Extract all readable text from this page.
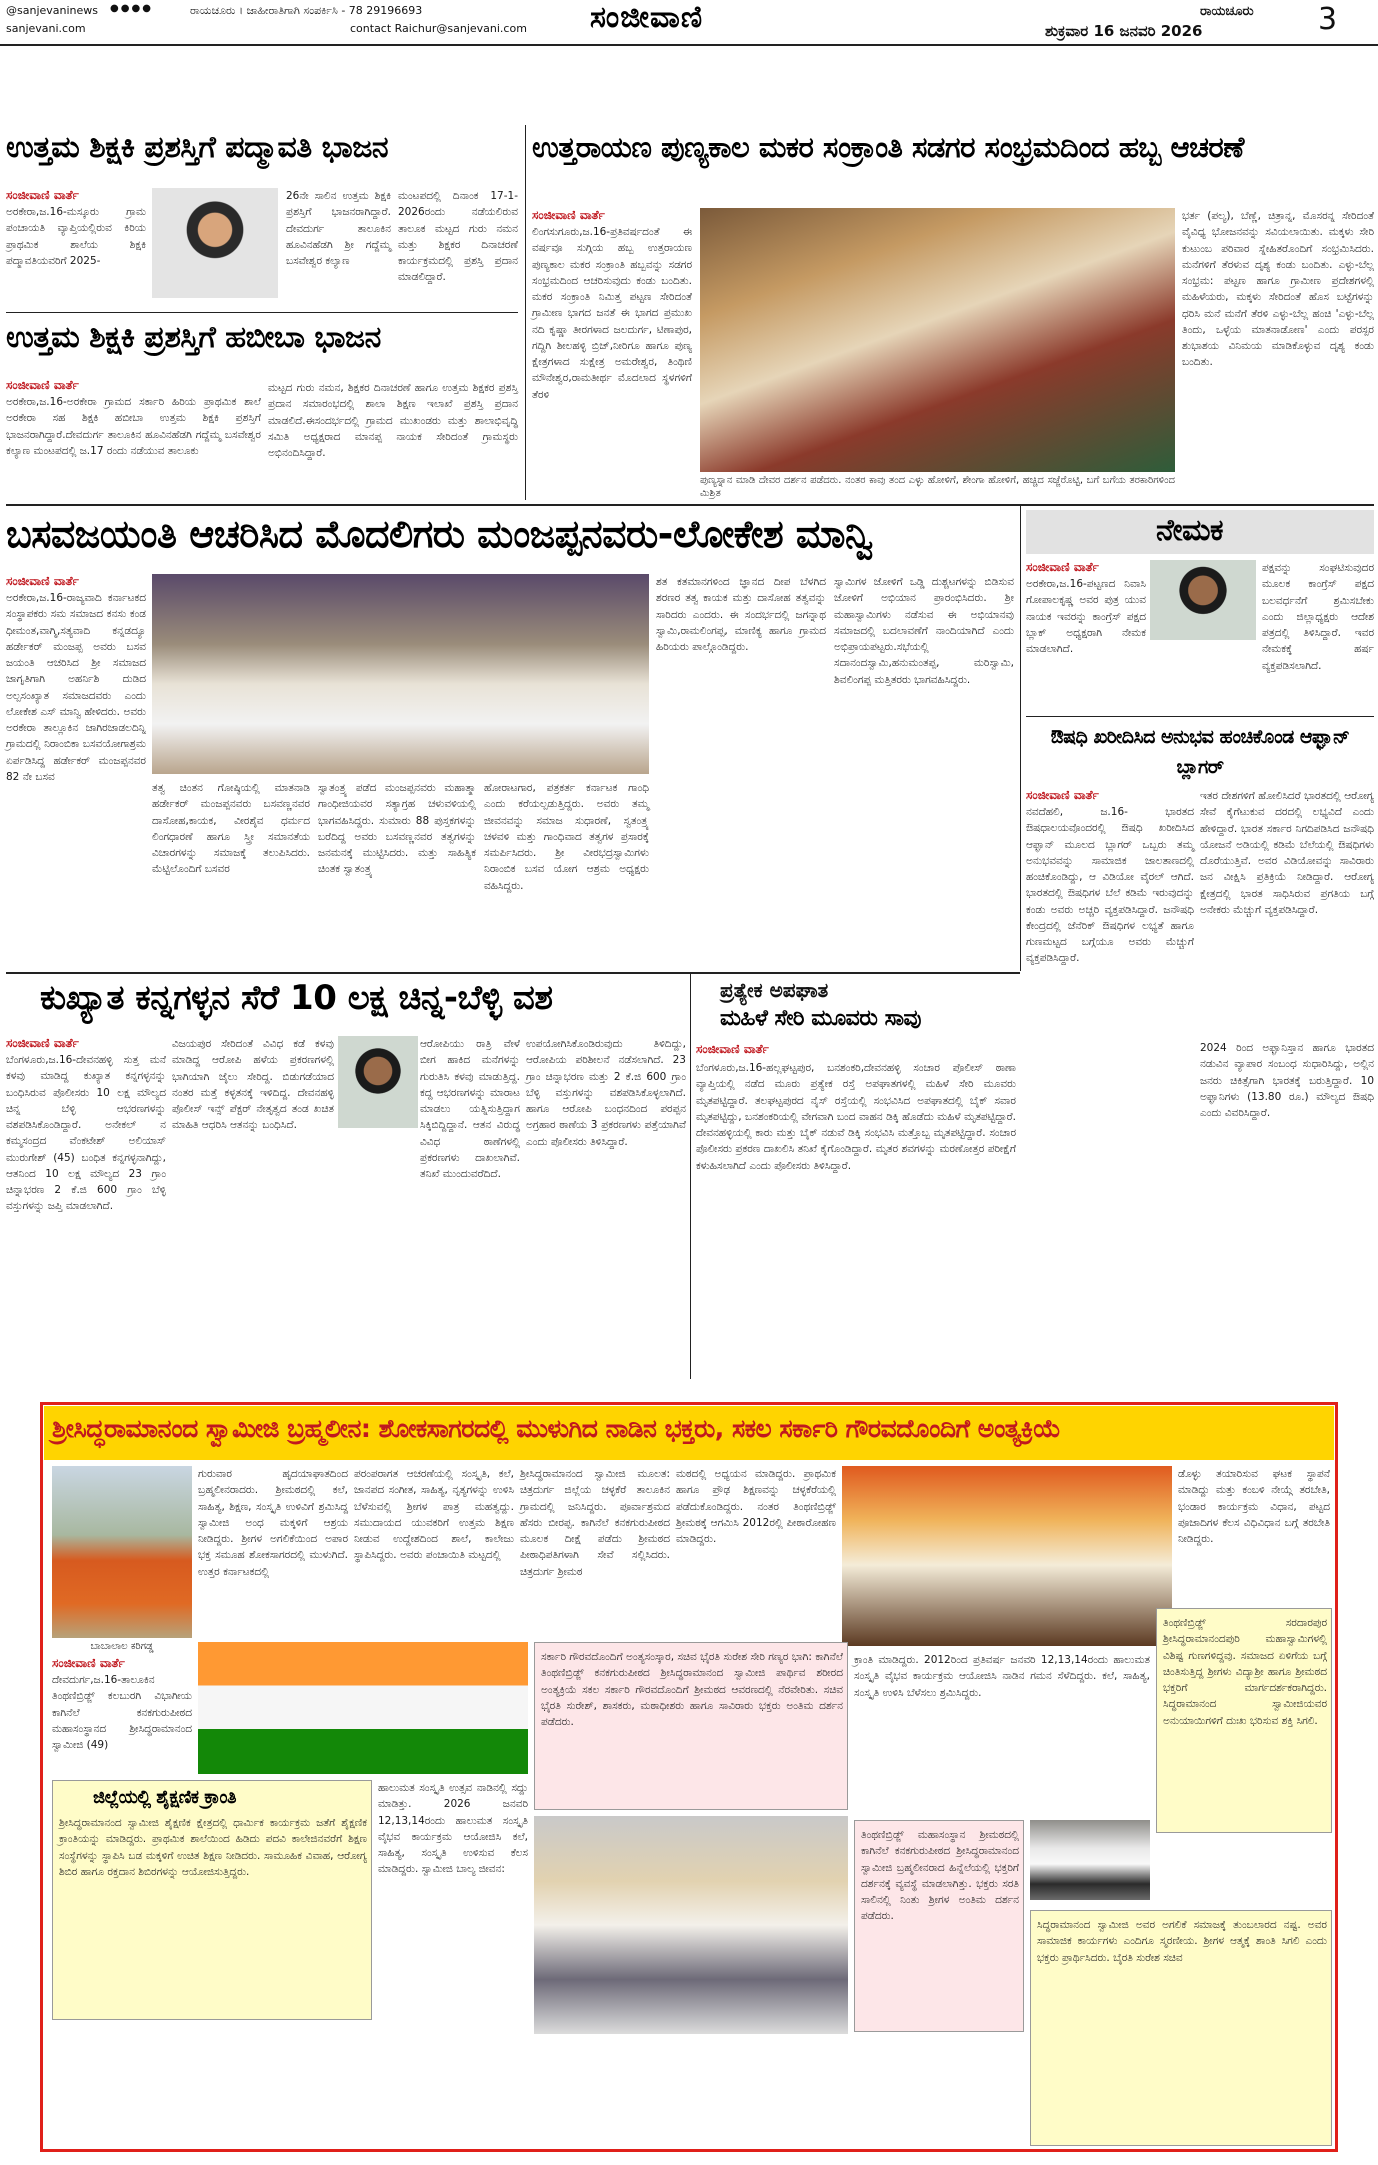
@sanjevaninews ●●●●
sanjevani.com
ರಾಯಚೂರು । ಜಾಹೀರಾತಿಗಾಗಿ ಸಂಪರ್ಕಿಸಿ - 78 29196693
contact Raichur@sanjevani.com ಸಂಜೀವಾಣಿ	ರಾಯಚೂರು
ಶುಕ್ರವಾರ 16 ಜನವರಿ 2026	3
ಉತ್ತಮ ಶಿಕ್ಷಕಿ ಪ್ರಶಸ್ತಿಗೆ ಪದ್ಮಾವತಿ ಭಾಜನ
ಸಂಜೀವಾಣಿ ವಾರ್ತೆ
ಅರಕೇರಾ,ಜ.16-ಮಸ್ಕೂರು ಗ್ರಾಮ ಪಂಚಾಯತಿ ವ್ಯಾಪ್ತಿಯಲ್ಲಿರುವ ಕಿರಿಯ ಪ್ರಾಥಮಿಕ ಶಾಲೆಯ ಶಿಕ್ಷಕಿ ಪದ್ಮಾವತಿಯವರಿಗೆ 2025-
26ನೇ ಸಾಲಿನ ಉತ್ತಮ ಶಿಕ್ಷಕಿ ಪ್ರಶಸ್ತಿಗೆ ಭಾಜನರಾಗಿದ್ದಾರೆ. ದೇವದುರ್ಗ ತಾಲೂಕಿನ ಹೂವಿನಹೆಡಗಿ ಶ್ರೀ ಗದ್ದೆಮ್ಮ ಬಸವೇಶ್ವರ ಕಲ್ಯಾಣ
ಮಂಟಪದಲ್ಲಿ ದಿನಾಂಕ 17-1-2026ರಂದು ನಡೆಯಲಿರುವ ತಾಲೂಕ ಮಟ್ಟದ ಗುರು ನಮನ ಮತ್ತು ಶಿಕ್ಷಕರ ದಿನಾಚರಣೆ ಕಾರ್ಯಕ್ರಮದಲ್ಲಿ ಪ್ರಶಸ್ತಿ ಪ್ರದಾನ ಮಾಡಲಿದ್ದಾರೆ.
ಉತ್ತಮ ಶಿಕ್ಷಕಿ ಪ್ರಶಸ್ತಿಗೆ ಹಬೀಬಾ ಭಾಜನ
ಸಂಜೀವಾಣಿ ವಾರ್ತೆ
ಅರಕೇರಾ,ಜ.16-ಅರಕೇರಾ ಗ್ರಾಮದ ಸರ್ಕಾರಿ ಹಿರಿಯ ಪ್ರಾಥಮಿಕ ಶಾಲೆ ಅರಕೇರಾ ಸಹ ಶಿಕ್ಷಕಿ ಹಬೀಬಾ ಉತ್ತಮ ಶಿಕ್ಷಕಿ ಪ್ರಶಸ್ತಿಗೆ ಭಾಜನರಾಗಿದ್ದಾರೆ.ದೇವದುರ್ಗ ತಾಲೂಕಿನ ಹೂವಿನಹೆಡಗಿ ಗದ್ದೆಮ್ಮ ಬಸವೇಶ್ವರ ಕಲ್ಯಾಣ ಮಂಟಪದಲ್ಲಿ ಜ.17 ರಂದು ನಡೆಯುವ ತಾಲೂಕು
ಮಟ್ಟದ ಗುರು ನಮನ, ಶಿಕ್ಷಕರ ದಿನಾಚರಣೆ ಹಾಗೂ ಉತ್ತಮ ಶಿಕ್ಷಕರ ಪ್ರಶಸ್ತಿ ಪ್ರದಾನ ಸಮಾರಂಭದಲ್ಲಿ ಶಾಲಾ ಶಿಕ್ಷಣ ಇಲಾಖೆ ಪ್ರಶಸ್ತಿ ಪ್ರದಾನ ಮಾಡಲಿದೆ.ಈಸಂದರ್ಭದಲ್ಲಿ ಗ್ರಾಮದ ಮುಖಂಡರು ಮತ್ತು ಶಾಲಾಭಿವೃದ್ಧಿ ಸಮಿತಿ ಅಧ್ಯಕ್ಷರಾದ ಮಾನಪ್ಪ ನಾಯಕ ಸೇರಿದಂತೆ ಗ್ರಾಮಸ್ಥರು ಅಭಿನಂದಿಸಿದ್ದಾರೆ.
ಉತ್ತರಾಯಣ ಪುಣ್ಯಕಾಲ ಮಕರ ಸಂಕ್ರಾಂತಿ ಸಡಗರ ಸಂಭ್ರಮದಿಂದ ಹಬ್ಬ ಆಚರಣೆ
ಸಂಜೀವಾಣಿ ವಾರ್ತೆ
ಲಿಂಗಸುಗೂರು,ಜ.16-ಪ್ರತಿವರ್ಷದಂತೆ ಈ ವರ್ಷವೂ ಸುಗ್ಗಿಯ ಹಬ್ಬ ಉತ್ತರಾಯಣ ಪುಣ್ಯಕಾಲ ಮಕರ ಸಂಕ್ರಾಂತಿ ಹಬ್ಬವನ್ನು ಸಡಗರ ಸಂಭ್ರಮದಿಂದ ಆಚರಿಸುವುದು ಕಂಡು ಬಂದಿತು. ಮಕರ ಸಂಕ್ರಾಂತಿ ನಿಮಿತ್ತ ಪಟ್ಟಣ ಸೇರಿದಂತೆ ಗ್ರಾಮೀಣ ಭಾಗದ ಜನತೆ ಈ ಭಾಗದ ಪ್ರಮುಖ ನದಿ ಕೃಷ್ಣಾ ತೀರಗಳಾದ ಜಲದುರ್ಗ, ಟಿಣಾಪುರ, ಗದ್ದಿಗಿ ಶೀಲಹಳ್ಳಿ ಬ್ರಿಜ್,ನೀರಿಗೂ ಹಾಗೂ ಪುಣ್ಯ ಕ್ಷೇತ್ರಗಳಾದ ಸುಕ್ಷೇತ್ರ ಅಮರೇಶ್ವರ, ತಿಂಥಿಣಿ ಮೌನೇಶ್ವರ,ರಾಮತೀರ್ಥ ಮೊದಲಾದ ಸ್ಥಳಗಳಿಗೆ ತೆರಳಿ
ಪುಣ್ಯಸ್ನಾನ ಮಾಡಿ ದೇವರ ದರ್ಶನ ಪಡೆದರು. ನಂತರ ಕಾವು ತಂದ ಎಳ್ಳು ಹೋಳಿಗೆ, ಶೇಂಗಾ ಹೋಳಿಗೆ, ಹಚ್ಚಿದ ಸಜ್ಜೆರೊಟ್ಟಿ, ಬಗೆ ಬಗೆಯ ತರಕಾರಿಗಳಿಂದ ಮಿಶ್ರಿತ
ಭರ್ತ (ಪಲ್ಯ), ಬೆಣ್ಣೆ, ಚಿತ್ರಾನ್ನ, ಮೊಸರನ್ನ ಸೇರಿದಂತೆ ವೈವಿಧ್ಯ ಭೋಜನವನ್ನು ಸವಿಯಲಾಯಿತು. ಮಕ್ಕಳು ಸೇರಿ ಕುಟುಂಬ ಪರಿವಾರ ಸ್ನೇಹಿತರೊಂದಿಗೆ ಸಂಭ್ರಮಿಸಿದರು. ಮನೆಗಳಿಗೆ ತೆರಳುವ ದೃಶ್ಯ ಕಂಡು ಬಂದಿತು. ಎಳ್ಳು-ಬೆಲ್ಲ ಸಂಭ್ರಮ: ಪಟ್ಟಣ ಹಾಗೂ ಗ್ರಾಮೀಣ ಪ್ರದೇಶಗಳಲ್ಲಿ ಮಹಿಳೆಯರು, ಮಕ್ಕಳು ಸೇರಿದಂತೆ ಹೊಸ ಬಟ್ಟೆಗಳನ್ನು ಧರಿಸಿ ಮನೆ ಮನೆಗೆ ತೆರಳಿ ಎಳ್ಳು-ಬೆಲ್ಲ ಹಂಚಿ 'ಎಳ್ಳು-ಬೆಲ್ಲ ತಿಂದು, ಒಳ್ಳೆಯ ಮಾತನಾಡೋಣ' ಎಂದು ಪರಸ್ಪರ ಶುಭಾಶಯ ವಿನಿಮಯ ಮಾಡಿಕೊಳ್ಳುವ ದೃಶ್ಯ ಕಂಡು ಬಂದಿತು.
ಬಸವಜಯಂತಿ ಆಚರಿಸಿದ ಮೊದಲಿಗರು ಮಂಜಪ್ಪನವರು-ಲೋಕೇಶ ಮಾನ್ವಿ
ಸಂಜೀವಾಣಿ ವಾರ್ತೆ
ಅರಕೇರಾ,ಜ.16-ರಾಜ್ಯವಾದಿ ಕರ್ನಾಟಕದ ಸಂಸ್ಥಾಪಕರು ಸಮ ಸಮಾಜದ ಕನಸು ಕಂಡ ಧೀಮಂತ,ವಾಗ್ಮಿ,ಸತ್ಯವಾದಿ ಕನ್ನಡದ್ಯೂ ಹರ್ಡೇಕರ್ ಮಂಜಪ್ಪ ಅವರು ಬಸವ ಜಯಂತಿ ಆಚರಿಸಿದ ಶ್ರೀ ಸಮಾಜದ ಜಾಗೃತಿಗಾಗಿ ಅಹರ್ನಿಶಿ ದುಡಿದ ಅಲ್ಪಸಂಖ್ಯಾತ ಸಮಾಜದವರು ಎಂದು ಲೋಕೇಶ ಎಸ್ ಮಾನ್ವಿ ಹೇಳಿದರು. ಅವರು ಅರಕೇರಾ ತಾಲ್ಲೂಕಿನ ಜಾಗಿರಜಾಡಲದಿನ್ನಿ ಗ್ರಾಮದಲ್ಲಿ ನಿರಾಂಬಿಕಾ ಬಸವಯೋಗಾಶ್ರಮ ಏರ್ಪಡಿಸಿದ್ದ ಹರ್ಡೇಕರ್ ಮಂಜಪ್ಪನವರ 82 ನೇ ಬಸವ
ತತ್ವ ಚಿಂತನ ಗೋಷ್ಠಿಯಲ್ಲಿ ಮಾತನಾಡಿ ಹರ್ಡೇಕರ್ ಮಂಜಪ್ಪನವರು ಬಸವಣ್ಣನವರ ದಾಸೋಹ,ಕಾಯಕ, ವೀರಶೈವ ಧರ್ಮದ ಲಿಂಗಧಾರಣೆ ಹಾಗೂ ಸ್ತ್ರೀ ಸಮಾನತೆಯ ವಿಚಾರಗಳನ್ನು ಸಮಾಜಕ್ಕೆ ತಲುಪಿಸಿದರು. ಮೆಟ್ಟಿಲೊಂದಿಗೆ ಬಸವರ
ಸ್ವಾತಂತ್ರ್ಯ ಪಡೆದ ಮಂಜಪ್ಪನವರು ಮಹಾತ್ಮಾ ಗಾಂಧೀಜಿಯವರ ಸತ್ಯಾಗ್ರಹ ಚಳುವಳಿಯಲ್ಲಿ ಭಾಗವಹಿಸಿದ್ದರು. ಸುಮಾರು 88 ಪುಸ್ತಕಗಳನ್ನು ಬರೆದಿದ್ದ ಅವರು ಬಸವಣ್ಣನವರ ತತ್ವಗಳನ್ನು ಜನಮನಕ್ಕೆ ಮುಟ್ಟಿಸಿದರು. ಮತ್ತು ಸಾಹಿತ್ಯಿಕ ಚಿಂತಕ ಸ್ವಾತಂತ್ರ್ಯ
ಹೋರಾಟಗಾರ, ಪತ್ರಕರ್ತ ಕರ್ನಾಟಕ ಗಾಂಧಿ ಎಂದು ಕರೆಯಲ್ಪಡುತ್ತಿದ್ದರು. ಅವರು ತಮ್ಮ ಜೀವನವನ್ನು ಸಮಾಜ ಸುಧಾರಣೆ, ಸ್ವತಂತ್ರ್ಯ ಚಳವಳಿ ಮತ್ತು ಗಾಂಧಿವಾದ ತತ್ವಗಳ ಪ್ರಸಾರಕ್ಕೆ ಸಮರ್ಪಿಸಿದರು. ಶ್ರೀ ವೀರಭದ್ರಸ್ವಾಮಿಗಳು ನಿರಾಂಬಿಕ ಬಸವ ಯೋಗ ಆಶ್ರಮ ಅಧ್ಯಕ್ಷರು ವಹಿಸಿದ್ದರು.
ಶತ ಕತಮಾನಗಳಿಂದ ಜ್ಞಾನದ ದೀಪ ಬೆಳಗಿದ ಶರಣರ ತತ್ವ ಕಾಯಕ ಮತ್ತು ದಾಸೋಹ ತತ್ವವನ್ನು ಸಾರಿದರು ಎಂದರು. ಈ ಸಂದರ್ಭದಲ್ಲಿ ಜಗನ್ನಾಥ ಸ್ವಾಮಿ,ರಾಮಲಿಂಗಪ್ಪ, ಮಾಣಿಕ್ಯ ಹಾಗೂ ಗ್ರಾಮದ ಹಿರಿಯರು ಪಾಲ್ಗೊಂಡಿದ್ದರು.
ಸ್ವಾಮಿಗಳ ಜೋಳಿಗೆ ಒಡ್ಡಿ ದುಶ್ಚಟಗಳನ್ನು ಬಿಡಿಸುವ ಜೋಳಿಗೆ ಅಭಿಯಾನ ಪ್ರಾರಂಭಿಸಿದರು. ಶ್ರೀ ಮಹಾಸ್ವಾಮಿಗಳು ನಡೆಸುವ ಈ ಅಭಿಯಾನವು ಸಮಾಜದಲ್ಲಿ ಬದಲಾವಣೆಗೆ ನಾಂದಿಯಾಗಿದೆ ಎಂದು ಅಭಿಪ್ರಾಯಪಟ್ಟರು.ಸಭೆಯಲ್ಲಿ ಸದಾನಂದಸ್ವಾಮಿ,ಹನುಮಂತಪ್ಪ, ಮರಿಸ್ವಾಮಿ, ಶಿವಲಿಂಗಪ್ಪ ಮತ್ತಿತರರು ಭಾಗವಹಿಸಿದ್ದರು.
ನೇಮಕ
ಸಂಜೀವಾಣಿ ವಾರ್ತೆ
ಅರಕೇರಾ,ಜ.16-ಪಟ್ಟಣದ ನಿವಾಸಿ ಗೋಪಾಲಕೃಷ್ಣ ಅವರ ಪುತ್ರ ಯುವ ನಾಯಕ ಇವರನ್ನು ಕಾಂಗ್ರೆಸ್ ಪಕ್ಷದ ಬ್ಲಾಕ್ ಅಧ್ಯಕ್ಷರಾಗಿ ನೇಮಕ ಮಾಡಲಾಗಿದೆ.
ಪಕ್ಷವನ್ನು ಸಂಘಟಿಸುವುದರ ಮೂಲಕ ಕಾಂಗ್ರೆಸ್ ಪಕ್ಷದ ಬಲವರ್ಧನೆಗೆ ಶ್ರಮಿಸಬೇಕು ಎಂದು ಜಿಲ್ಲಾಧ್ಯಕ್ಷರು ಆದೇಶ ಪತ್ರದಲ್ಲಿ ತಿಳಿಸಿದ್ದಾರೆ. ಇವರ ನೇಮಕಕ್ಕೆ ಹರ್ಷ ವ್ಯಕ್ತಪಡಿಸಲಾಗಿದೆ.
ಔಷಧಿ ಖರೀದಿಸಿದ ಅನುಭವ ಹಂಚಿಕೊಂಡ ಆಫ್ಘಾನ್ ಬ್ಲಾಗರ್
ಸಂಜೀವಾಣಿ ವಾರ್ತೆ
ನವದೆಹಲಿ, ಜ.16- ಭಾರತದ ಔಷಧಾಲಯವೊಂದರಲ್ಲಿ ಔಷಧಿ ಖರೀದಿಸಿದ ಆಫ್ಘಾನ್ ಮೂಲದ ಬ್ಲಾಗರ್ ಒಬ್ಬರು ತಮ್ಮ ಅನುಭವವನ್ನು ಸಾಮಾಜಿಕ ಜಾಲತಾಣದಲ್ಲಿ ಹಂಚಿಕೊಂಡಿದ್ದು, ಆ ವಿಡಿಯೋ ವೈರಲ್ ಆಗಿದೆ. ಭಾರತದಲ್ಲಿ ಔಷಧಿಗಳ ಬೆಲೆ ಕಡಿಮೆ ಇರುವುದನ್ನು ಕಂಡು ಅವರು ಅಚ್ಚರಿ ವ್ಯಕ್ತಪಡಿಸಿದ್ದಾರೆ. ಜನೌಷಧಿ ಕೇಂದ್ರದಲ್ಲಿ ಜೆನೆರಿಕ್ ಔಷಧಿಗಳ ಲಭ್ಯತೆ ಹಾಗೂ ಗುಣಮಟ್ಟದ ಬಗ್ಗೆಯೂ ಅವರು ಮೆಚ್ಚುಗೆ ವ್ಯಕ್ತಪಡಿಸಿದ್ದಾರೆ.
ಇತರ ದೇಶಗಳಿಗೆ ಹೋಲಿಸಿದರೆ ಭಾರತದಲ್ಲಿ ಆರೋಗ್ಯ ಸೇವೆ ಕೈಗೆಟುಕುವ ದರದಲ್ಲಿ ಲಭ್ಯವಿದೆ ಎಂದು ಹೇಳಿದ್ದಾರೆ. ಭಾರತ ಸರ್ಕಾರ ನಿಗದಿಪಡಿಸಿದ ಜನೌಷಧಿ ಯೋಜನೆ ಅಡಿಯಲ್ಲಿ ಕಡಿಮೆ ಬೆಲೆಯಲ್ಲಿ ಔಷಧಿಗಳು ದೊರೆಯುತ್ತಿವೆ. ಅವರ ವಿಡಿಯೋವನ್ನು ಸಾವಿರಾರು ಜನ ವೀಕ್ಷಿಸಿ ಪ್ರತಿಕ್ರಿಯೆ ನೀಡಿದ್ದಾರೆ. ಆರೋಗ್ಯ ಕ್ಷೇತ್ರದಲ್ಲಿ ಭಾರತ ಸಾಧಿಸಿರುವ ಪ್ರಗತಿಯ ಬಗ್ಗೆ ಅನೇಕರು ಮೆಚ್ಚುಗೆ ವ್ಯಕ್ತಪಡಿಸಿದ್ದಾರೆ.
2024 ರಿಂದ ಅಫ್ಘಾನಿಸ್ತಾನ ಹಾಗೂ ಭಾರತದ ನಡುವಿನ ವ್ಯಾಪಾರ ಸಂಬಂಧ ಸುಧಾರಿಸಿದ್ದು, ಅಲ್ಲಿನ ಜನರು ಚಿಕಿತ್ಸೆಗಾಗಿ ಭಾರತಕ್ಕೆ ಬರುತ್ತಿದ್ದಾರೆ. 10 ಅಫ್ಘಾನಿಗಳು (13.80 ರೂ.) ಮೌಲ್ಯದ ಔಷಧಿ ಎಂದು ವಿವರಿಸಿದ್ದಾರೆ.
ಕುಖ್ಯಾತ ಕನ್ನಗಳ್ಳನ ಸೆರೆ 10 ಲಕ್ಷ ಚಿನ್ನ-ಬೆಳ್ಳಿ ವಶ
ಸಂಜೀವಾಣಿ ವಾರ್ತೆ
ಬೆಂಗಳೂರು,ಜ.16-ದೇವನಹಳ್ಳಿ ಸುತ್ತ ಮನೆ ಕಳವು ಮಾಡಿದ್ದ ಕುಖ್ಯಾತ ಕನ್ನಗಳ್ಳನನ್ನು ಬಂಧಿಸಿರುವ ಪೊಲೀಸರು 10 ಲಕ್ಷ ಮೌಲ್ಯದ ಚಿನ್ನ ಬೆಳ್ಳಿ ಆಭರಣಗಳನ್ನು ವಶಪಡಿಸಿಕೊಂಡಿದ್ದಾರೆ. ಅನೇಕಲ್ ನ ಕಮ್ಮಸಂದ್ರದ ವೆಂಕಟೇಶ್ ಅಲಿಯಾಸ್ ಮುರುಗೇಶ್ (45) ಬಂಧಿತ ಕನ್ನಗಳ್ಳನಾಗಿದ್ದು, ಆತನಿಂದ 10 ಲಕ್ಷ ಮೌಲ್ಯದ 23 ಗ್ರಾಂ ಚಿನ್ನಾಭರಣ 2 ಕೆ.ಜಿ 600 ಗ್ರಾಂ ಬೆಳ್ಳಿ ವಸ್ತುಗಳನ್ನು ಜಪ್ತಿ ಮಾಡಲಾಗಿದೆ.
ವಿಜಯಪುರ ಸೇರಿದಂತೆ ವಿವಿಧ ಕಡೆ ಕಳವು ಮಾಡಿದ್ದ ಆರೋಪಿ ಹಳೆಯ ಪ್ರಕರಣಗಳಲ್ಲಿ ಭಾಗಿಯಾಗಿ ಜೈಲು ಸೇರಿದ್ದ. ಬಿಡುಗಡೆಯಾದ ನಂತರ ಮತ್ತೆ ಕಳ್ಳತನಕ್ಕೆ ಇಳಿದಿದ್ದ. ದೇವನಹಳ್ಳಿ ಪೊಲೀಸ್ ಇನ್ಸ್ ಪೆಕ್ಟರ್ ನೇತೃತ್ವದ ತಂಡ ಖಚಿತ ಮಾಹಿತಿ ಆಧರಿಸಿ ಆತನನ್ನು ಬಂಧಿಸಿದೆ.
ಆರೋಪಿಯು ರಾತ್ರಿ ವೇಳೆ ಬೀಗ ಹಾಕಿದ ಮನೆಗಳನ್ನು ಗುರುತಿಸಿ ಕಳವು ಮಾಡುತ್ತಿದ್ದ. ಕದ್ದ ಆಭರಣಗಳನ್ನು ಮಾರಾಟ ಮಾಡಲು ಯತ್ನಿಸುತ್ತಿದ್ದಾಗ ಸಿಕ್ಕಿಬಿದ್ದಿದ್ದಾನೆ. ಆತನ ವಿರುದ್ಧ ವಿವಿಧ ಠಾಣೆಗಳಲ್ಲಿ ಪ್ರಕರಣಗಳು ದಾಖಲಾಗಿವೆ. ತನಿಖೆ ಮುಂದುವರೆದಿದೆ.
ಉಪಯೋಗಿಸಿಕೊಂಡಿರುವುದು ತಿಳಿದಿದ್ದು, ಆರೋಪಿಯ ಪರಿಶೀಲನೆ ನಡೆಸಲಾಗಿದೆ. 23 ಗ್ರಾಂ ಚಿನ್ನಾಭರಣ ಮತ್ತು 2 ಕೆ.ಜಿ 600 ಗ್ರಾಂ ಬೆಳ್ಳಿ ವಸ್ತುಗಳನ್ನು ವಶಪಡಿಸಿಕೊಳ್ಳಲಾಗಿದೆ. ಹಾಗೂ ಆರೋಪಿ ಬಂಧನದಿಂದ ಪರಪ್ಪನ ಅಗ್ರಹಾರ ಠಾಣೆಯ 3 ಪ್ರಕರಣಗಳು ಪತ್ತೆಯಾಗಿವೆ ಎಂದು ಪೊಲೀಸರು ತಿಳಿಸಿದ್ದಾರೆ.
ಪ್ರತ್ಯೇಕ ಅಪಘಾತ
ಮಹಿಳೆ ಸೇರಿ ಮೂವರು ಸಾವು
ಸಂಜೀವಾಣಿ ವಾರ್ತೆ
ಬೆಂಗಳೂರು,ಜ.16-ಹಲ್ಲಘಟ್ಟಪುರ, ಬನಶಂಕರಿ,ದೇವನಹಳ್ಳಿ ಸಂಚಾರ ಪೊಲೀಸ್ ಠಾಣಾ ವ್ಯಾಪ್ತಿಯಲ್ಲಿ ನಡೆದ ಮೂರು ಪ್ರತ್ಯೇಕ ರಸ್ತೆ ಅಪಘಾತಗಳಲ್ಲಿ ಮಹಿಳೆ ಸೇರಿ ಮೂವರು ಮೃತಪಟ್ಟಿದ್ದಾರೆ. ತಲಘಟ್ಟಪುರದ ನೈಸ್ ರಸ್ತೆಯಲ್ಲಿ ಸಂಭವಿಸಿದ ಅಪಘಾತದಲ್ಲಿ ಬೈಕ್ ಸವಾರ ಮೃತಪಟ್ಟಿದ್ದು, ಬನಶಂಕರಿಯಲ್ಲಿ ವೇಗವಾಗಿ ಬಂದ ವಾಹನ ಡಿಕ್ಕಿ ಹೊಡೆದು ಮಹಿಳೆ ಮೃತಪಟ್ಟಿದ್ದಾರೆ. ದೇವನಹಳ್ಳಿಯಲ್ಲಿ ಕಾರು ಮತ್ತು ಬೈಕ್ ನಡುವೆ ಡಿಕ್ಕಿ ಸಂಭವಿಸಿ ಮತ್ತೊಬ್ಬ ಮೃತಪಟ್ಟಿದ್ದಾರೆ. ಸಂಚಾರ ಪೊಲೀಸರು ಪ್ರಕರಣ ದಾಖಲಿಸಿ ತನಿಖೆ ಕೈಗೊಂಡಿದ್ದಾರೆ. ಮೃತರ ಶವಗಳನ್ನು ಮರಣೋತ್ತರ ಪರೀಕ್ಷೆಗೆ ಕಳುಹಿಸಲಾಗಿದೆ ಎಂದು ಪೊಲೀಸರು ತಿಳಿಸಿದ್ದಾರೆ.
ಶ್ರೀಸಿದ್ಧರಾಮಾನಂದ ಸ್ವಾಮೀಜಿ ಬ್ರಹ್ಮಲೀನ: ಶೋಕಸಾಗರದಲ್ಲಿ ಮುಳುಗಿದ ನಾಡಿನ ಭಕ್ತರು, ಸಕಲ ಸರ್ಕಾರಿ ಗೌರವದೊಂದಿಗೆ ಅಂತ್ಯಕ್ರಿಯೆ
ಬಾಬಾಲಾಲ ಕರಿಗಡ್ಡ
ಸಂಜೀವಾಣಿ ವಾರ್ತೆ
ದೇವದುರ್ಗ,ಜ.16-ತಾಲೂಕಿನ ತಿಂಥಣಿಬ್ರಿಡ್ಜ್ ಕಲಬುರಗಿ ವಿಭಾಗೀಯ ಕಾಗಿನೆಲೆ ಕನಕಗುರುಪೀಠದ ಮಹಾಸಂಸ್ಥಾನದ ಶ್ರೀಸಿದ್ಧರಾಮಾನಂದ ಸ್ವಾಮೀಜಿ (49)
ಗುರುವಾರ ಹೃದಯಾಘಾತದಿಂದ ಬ್ರಹ್ಮಲೀನರಾದರು. ಶ್ರೀಮಠದಲ್ಲಿ ಕಲೆ, ಸಾಹಿತ್ಯ, ಶಿಕ್ಷಣ, ಸಂಸ್ಕೃತಿ ಉಳಿವಿಗೆ ಶ್ರಮಿಸಿದ್ದ ಸ್ವಾಮೀಜಿ ಅಂಧ ಮಕ್ಕಳಿಗೆ ಆಶ್ರಯ ನೀಡಿದ್ದರು. ಶ್ರೀಗಳ ಅಗಲಿಕೆಯಿಂದ ಅಪಾರ ಭಕ್ತ ಸಮೂಹ ಶೋಕಸಾಗರದಲ್ಲಿ ಮುಳುಗಿದೆ. ಉತ್ತರ ಕರ್ನಾಟಕದಲ್ಲಿ
ಪರಂಪರಾಗತ ಆಚರಣೆಯಲ್ಲಿ ಸಂಸ್ಕೃತಿ, ಕಲೆ, ಜಾನಪದ ಸಂಗೀತ, ಸಾಹಿತ್ಯ, ನೃತ್ಯಗಳನ್ನು ಉಳಿಸಿ ಬೆಳೆಸುವಲ್ಲಿ ಶ್ರೀಗಳ ಪಾತ್ರ ಮಹತ್ವದ್ದು. ಸಮುದಾಯದ ಯುವಕರಿಗೆ ಉತ್ತಮ ಶಿಕ್ಷಣ ನೀಡುವ ಉದ್ದೇಶದಿಂದ ಶಾಲೆ, ಕಾಲೇಜು ಸ್ಥಾಪಿಸಿದ್ದರು. ಅವರು ಪಂಚಾಯಿತಿ ಮಟ್ಟದಲ್ಲಿ
ಶ್ರೀಸಿದ್ಧರಾಮಾನಂದ ಸ್ವಾಮೀಜಿ ಮೂಲತ: ಚಿತ್ರದುರ್ಗ ಜಿಲ್ಲೆಯ ಚಳ್ಳಕೆರೆ ತಾಲೂಕಿನ ಗ್ರಾಮದಲ್ಲಿ ಜನಿಸಿದ್ದರು. ಪೂರ್ವಾಶ್ರಮದ ಹೆಸರು ಬೀರಪ್ಪ. ಕಾಗಿನೆಲೆ ಕನಕಗುರುಪೀಠದ ಮೂಲಕ ದೀಕ್ಷೆ ಪಡೆದು ಶ್ರೀಮಠದ ಪೀಠಾಧಿಪತಿಗಳಾಗಿ ಸೇವೆ ಸಲ್ಲಿಸಿದರು. ಚಿತ್ರದುರ್ಗ ಶ್ರೀಮಠ
ಮಠದಲ್ಲಿ ಅಧ್ಯಯನ ಮಾಡಿದ್ದರು. ಪ್ರಾಥಮಿಕ ಹಾಗೂ ಪ್ರೌಢ ಶಿಕ್ಷಣವನ್ನು ಚಳ್ಳಕೆರೆಯಲ್ಲಿ ಪಡೆದುಕೊಂಡಿದ್ದರು. ನಂತರ ತಿಂಥಣಿಬ್ರಿಡ್ಜ್ ಶ್ರೀಮಠಕ್ಕೆ ಆಗಮಿಸಿ 2012ರಲ್ಲಿ ಪೀಠಾರೋಹಣ ಮಾಡಿದ್ದರು.
ಡೊಳ್ಳು ತಯಾರಿಸುವ ಘಟಕ ಸ್ಥಾಪನೆ ಮಾಡಿದ್ದು ಮತ್ತು ಕಂಬಳಿ ನೇಯ್ಗೆ ತರಬೇತಿ, ಭಂಡಾರ ಕಾರ್ಯಕ್ರಮ ವಿಧಾನ, ಪಟ್ಟದ ಪೂಜಾದಿಗಳ ಕೆಲಸ ವಿಧಿವಿಧಾನ ಬಗ್ಗೆ ತರಬೇತಿ ನೀಡಿದ್ದರು.
ತಿಂಥಣಿಬ್ರಿಡ್ಜ್ ಸರದಾರಪುರ ಶ್ರೀಸಿದ್ಧರಾಮಾನಂದಪುರಿ ಮಹಾಸ್ವಾಮಿಗಳಲ್ಲಿ ವಿಶಿಷ್ಟ ಗುಣಗಳಿದ್ದವು. ಸಮಾಜದ ಏಳಿಗೆಯ ಬಗ್ಗೆ ಚಿಂತಿಸುತ್ತಿದ್ದ ಶ್ರೀಗಳು ವಿದ್ಯಾಶ್ರೀ ಹಾಗೂ ಶ್ರೀಮಠದ ಭಕ್ತರಿಗೆ ಮಾರ್ಗದರ್ಶಕರಾಗಿದ್ದರು. ಸಿದ್ಧರಾಮಾನಂದ ಸ್ವಾಮೀಜಿಯವರ ಅನುಯಾಯಿಗಳಿಗೆ ದುಃಖ ಭರಿಸುವ ಶಕ್ತಿ ಸಿಗಲಿ.
ಸರ್ಕಾರಿ ಗೌರವದೊಂದಿಗೆ ಅಂತ್ಯಸಂಸ್ಕಾರ, ಸಚಿವ ಭೈರತಿ ಸುರೇಶ ಸೇರಿ ಗಣ್ಯರ ಭಾಗಿ: ಕಾಗಿನೆಲೆ ತಿಂಥಣಿಬ್ರಿಡ್ಜ್ ಕನಕಗುರುಪೀಠದ ಶ್ರೀಸಿದ್ಧರಾಮಾನಂದ ಸ್ವಾಮೀಜಿ ಪಾರ್ಥಿವ ಶರೀರದ ಅಂತ್ಯಕ್ರಿಯೆ ಸಕಲ ಸರ್ಕಾರಿ ಗೌರವದೊಂದಿಗೆ ಶ್ರೀಮಠದ ಆವರಣದಲ್ಲಿ ನೆರವೇರಿತು. ಸಚಿವ ಭೈರತಿ ಸುರೇಶ್, ಶಾಸಕರು, ಮಠಾಧೀಶರು ಹಾಗೂ ಸಾವಿರಾರು ಭಕ್ತರು ಅಂತಿಮ ದರ್ಶನ ಪಡೆದರು.
ಕ್ರಾಂತಿ ಮಾಡಿದ್ದರು. 2012ರಿಂದ ಪ್ರತಿವರ್ಷ ಜನವರಿ 12,13,14ರಂದು ಹಾಲುಮತ ಸಂಸ್ಕೃತಿ ವೈಭವ ಕಾರ್ಯಕ್ರಮ ಆಯೋಜಿಸಿ ನಾಡಿನ ಗಮನ ಸೆಳೆದಿದ್ದರು. ಕಲೆ, ಸಾಹಿತ್ಯ, ಸಂಸ್ಕೃತಿ ಉಳಿಸಿ ಬೆಳೆಸಲು ಶ್ರಮಿಸಿದ್ದರು.
ಜಿಲ್ಲೆಯಲ್ಲಿ ಶೈಕ್ಷಣಿಕ ಕ್ರಾಂತಿ
ಶ್ರೀಸಿದ್ಧರಾಮಾನಂದ ಸ್ವಾಮೀಜಿ ಶೈಕ್ಷಣಿಕ ಕ್ಷೇತ್ರದಲ್ಲಿ ಧಾರ್ಮಿಕ ಕಾರ್ಯಕ್ರಮ ಜತೆಗೆ ಶೈಕ್ಷಣಿಕ ಕ್ರಾಂತಿಯನ್ನು ಮಾಡಿದ್ದರು. ಪ್ರಾಥಮಿಕ ಶಾಲೆಯಿಂದ ಹಿಡಿದು ಪದವಿ ಕಾಲೇಜಿನವರೆಗೆ ಶಿಕ್ಷಣ ಸಂಸ್ಥೆಗಳನ್ನು ಸ್ಥಾಪಿಸಿ ಬಡ ಮಕ್ಕಳಿಗೆ ಉಚಿತ ಶಿಕ್ಷಣ ನೀಡಿದರು. ಸಾಮೂಹಿಕ ವಿವಾಹ, ಆರೋಗ್ಯ ಶಿಬಿರ ಹಾಗೂ ರಕ್ತದಾನ ಶಿಬಿರಗಳನ್ನು ಆಯೋಜಿಸುತ್ತಿದ್ದರು.
ಹಾಲುಮತ ಸಂಸ್ಕೃತಿ ಉತ್ಸವ ನಾಡಿನಲ್ಲಿ ಸದ್ದು ಮಾಡಿತ್ತು. 2026 ಜನವರಿ 12,13,14ರಂದು ಹಾಲುಮತ ಸಂಸ್ಕೃತಿ ವೈಭವ ಕಾರ್ಯಕ್ರಮ ಆಯೋಜಿಸಿ ಕಲೆ, ಸಾಹಿತ್ಯ, ಸಂಸ್ಕೃತಿ ಉಳಿಸುವ ಕೆಲಸ ಮಾಡಿದ್ದರು. ಸ್ವಾಮೀಜಿ ಬಾಲ್ಯ ಜೀವನ:
ತಿಂಥಣಿಬ್ರಿಡ್ಜ್ ಮಹಾಸಂಸ್ಥಾನ ಶ್ರೀಮಠದಲ್ಲಿ ಕಾಗಿನೆಲೆ ಕನಕಗುರುಪೀಠದ ಶ್ರೀಸಿದ್ಧರಾಮಾನಂದ ಸ್ವಾಮೀಜಿ ಬ್ರಹ್ಮಲೀನರಾದ ಹಿನ್ನೆಲೆಯಲ್ಲಿ ಭಕ್ತರಿಗೆ ದರ್ಶನಕ್ಕೆ ವ್ಯವಸ್ಥೆ ಮಾಡಲಾಗಿತ್ತು. ಭಕ್ತರು ಸರತಿ ಸಾಲಿನಲ್ಲಿ ನಿಂತು ಶ್ರೀಗಳ ಅಂತಿಮ ದರ್ಶನ ಪಡೆದರು.
ಸಿದ್ಧರಾಮಾನಂದ ಸ್ವಾಮೀಜಿ ಅವರ ಅಗಲಿಕೆ ಸಮಾಜಕ್ಕೆ ತುಂಬಲಾರದ ನಷ್ಟ. ಅವರ ಸಾಮಾಜಿಕ ಕಾರ್ಯಗಳು ಎಂದಿಗೂ ಸ್ಮರಣೀಯ. ಶ್ರೀಗಳ ಆತ್ಮಕ್ಕೆ ಶಾಂತಿ ಸಿಗಲಿ ಎಂದು ಭಕ್ತರು ಪ್ರಾರ್ಥಿಸಿದರು. ಬೈರತಿ ಸುರೇಶ ಸಚಿವ
